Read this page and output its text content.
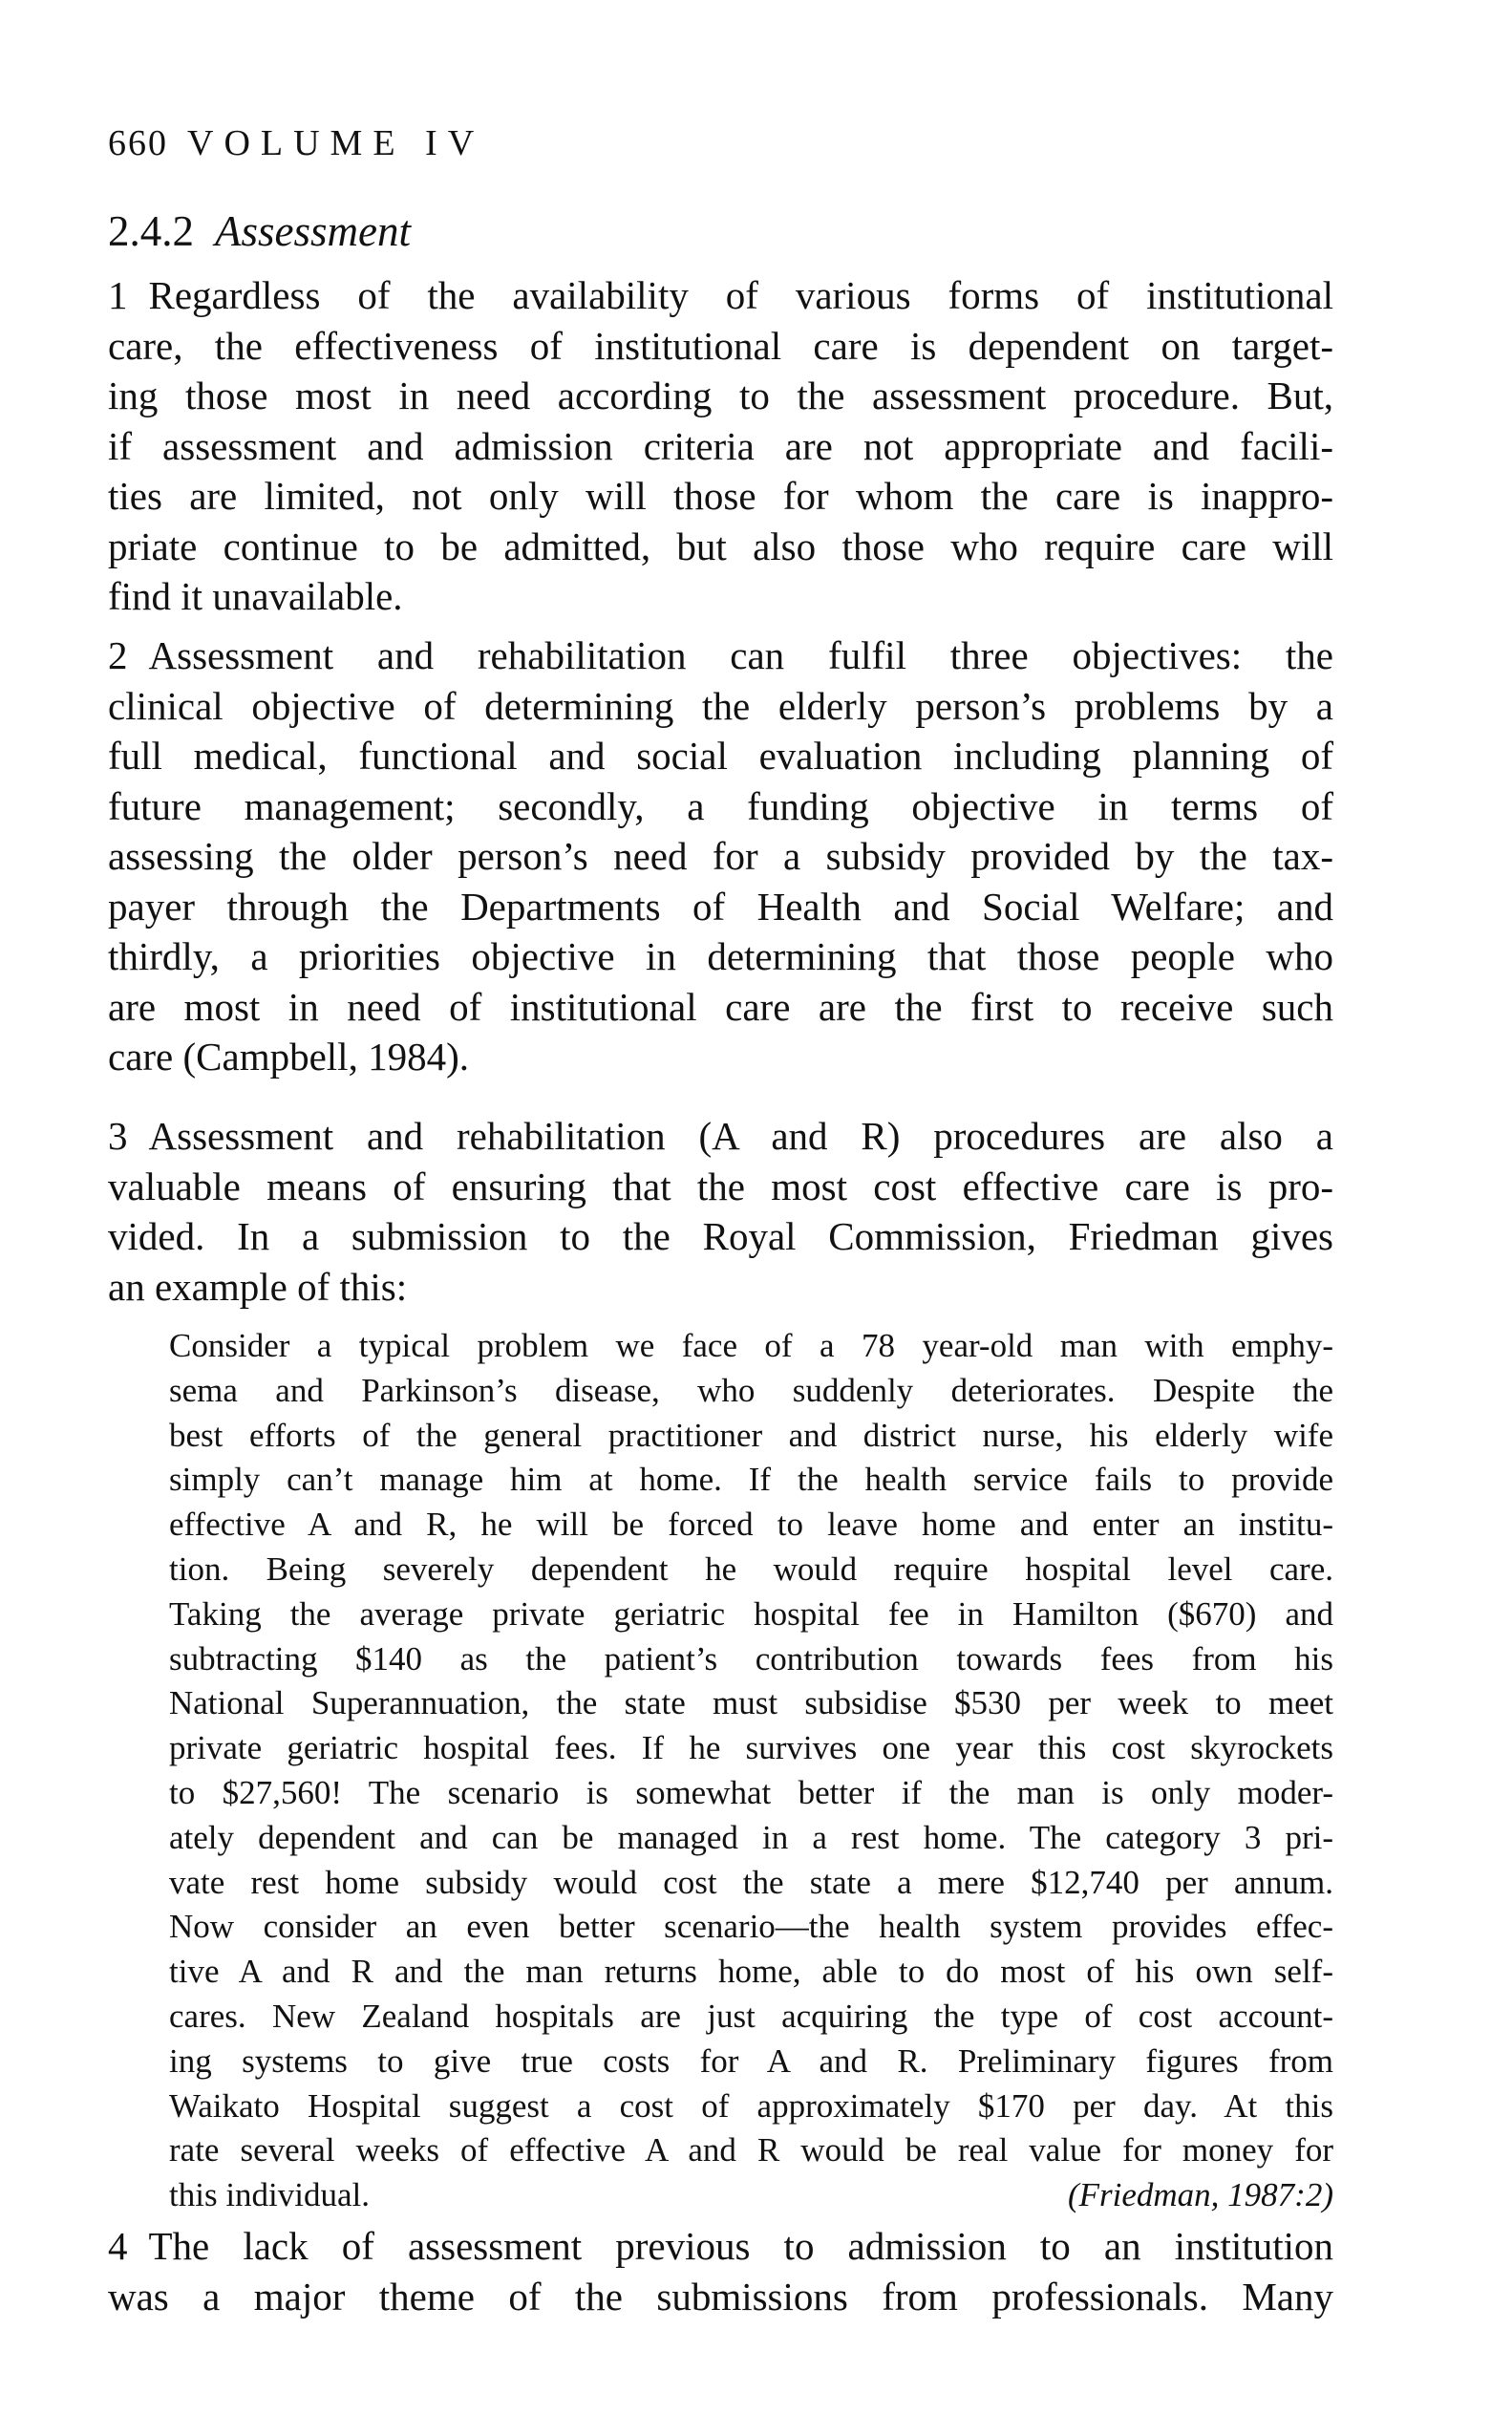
660 VOLUME IV
2.4.2 Assessment
1 Regardless of the availability of various forms of institutional
care, the effectiveness of institutional care is dependent on target-
ing those most in need according to the assessment procedure. But,
if assessment and admission criteria are not appropriate and facili-
ties are limited, not only will those for whom the care is inappro-
priate continue to be admitted, but also those who require care will
find it unavailable.
2 Assessment and rehabilitation can fulfil three objectives: the
clinical objective of determining the elderly person’s problems by a
full medical, functional and social evaluation including planning of
future management; secondly, a funding objective in terms of
assessing the older person’s need for a subsidy provided by the tax-
payer through the Departments of Health and Social Welfare; and
thirdly, a priorities objective in determining that those people who
are most in need of institutional care are the first to receive such
care (Campbell, 1984).
3 Assessment and rehabilitation (A and R) procedures are also a
valuable means of ensuring that the most cost effective care is pro-
vided. In a submission to the Royal Commission, Friedman gives
an example of this:
Consider a typical problem we face of a 78 year-old man with emphy-
sema and Parkinson’s disease, who suddenly deteriorates. Despite the
best efforts of the general practitioner and district nurse, his elderly wife
simply can’t manage him at home. If the health service fails to provide
effective A and R, he will be forced to leave home and enter an institu-
tion. Being severely dependent he would require hospital level care.
Taking the average private geriatric hospital fee in Hamilton ($670) and
subtracting $140 as the patient’s contribution towards fees from his
National Superannuation, the state must subsidise $530 per week to meet
private geriatric hospital fees. If he survives one year this cost skyrockets
to $27,560! The scenario is somewhat better if the man is only moder-
ately dependent and can be managed in a rest home. The category 3 pri-
vate rest home subsidy would cost the state a mere $12,740 per annum.
Now consider an even better scenario—the health system provides effec-
tive A and R and the man returns home, able to do most of his own self-
cares. New Zealand hospitals are just acquiring the type of cost account-
ing systems to give true costs for A and R. Preliminary figures from
Waikato Hospital suggest a cost of approximately $170 per day. At this
rate several weeks of effective A and R would be real value for money for
this individual.	(Friedman, 1987:2)
4 The lack of assessment previous to admission to an institution
was a major theme of the submissions from professionals. Many
